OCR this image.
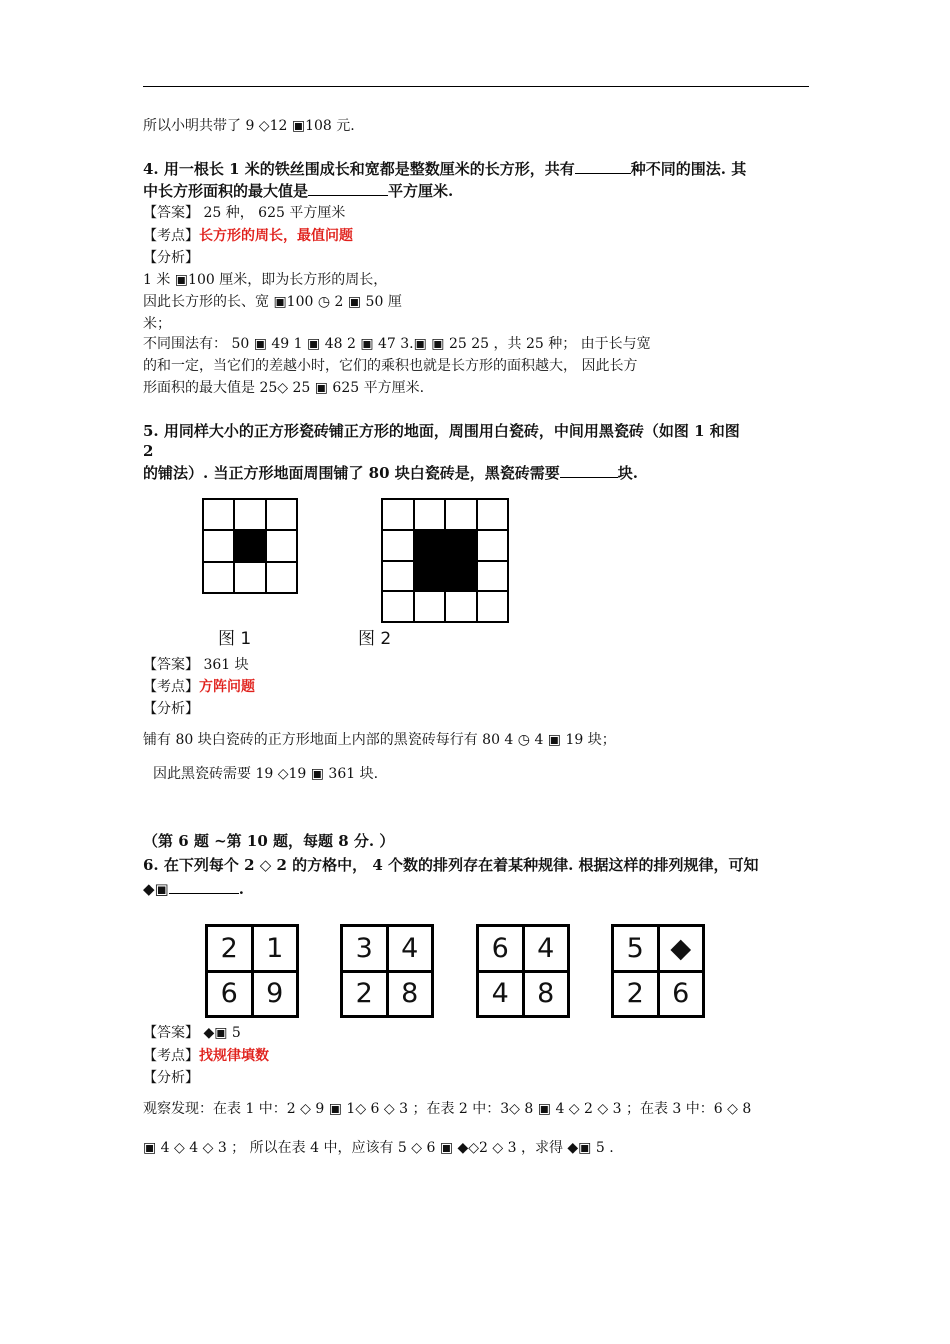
所以小明共带了 9 ◇12 ▣108 元.
4. 用一根长 1 米的铁丝围成长和宽都是整数厘米的长方形，共有	种不同的围法. 其
中长方形面积的最大值是	平方厘米.
【答案】 25 种， 625 平方厘米
【考点】长方形的周长，最值问题
【分析】
1 米 ▣100 厘米，即为长方形的周长，
因此长方形的长、宽 ▣100 ◷ 2 ▣ 50 厘
米；
不同围法有： 50 ▣ 49 1 ▣ 48 2 ▣ 47 3.▣ ▣ 25 25 ，共 25 种； 由于长与宽
的和一定，当它们的差越小时，它们的乘积也就是长方形的面积越大， 因此长方
形面积的最大值是 25◇ 25 ▣ 625 平方厘米.
5. 用同样大小的正方形瓷砖铺正方形的地面，周围用白瓷砖，中间用黑瓷砖（如图 1 和图
2
的铺法）. 当正方形地面周围铺了 80 块白瓷砖是，黑瓷砖需要	块.
图 1	图 2
【答案】 361 块
【考点】方阵问题
【分析】
铺有 80 块白瓷砖的正方形地面上内部的黑瓷砖每行有 80 4 ◷ 4 ▣ 19 块；
因此黑瓷砖需要 19 ◇19 ▣ 361 块.
（第 6 题 ~第 10 题，每题 8 分. ）
6. 在下列每个 2 ◇ 2 的方格中， 4 个数的排列存在着某种规律. 根据这样的排列规律，可知
◆▣	.
2	1
6	9
3	4
2	8
6	4
4	8
5 ◆
2	6
【答案】 ◆▣ 5
【考点】找规律填数
【分析】
观察发现：在表 1 中：2 ◇ 9 ▣ 1◇ 6 ◇ 3 ；在表 2 中：3◇ 8 ▣ 4 ◇ 2 ◇ 3 ；在表 3 中：6 ◇ 8
▣ 4 ◇ 4 ◇ 3 ； 所以在表 4 中，应该有 5 ◇ 6 ▣ ◆◇2 ◇ 3 ，求得 ◆▣ 5 .
